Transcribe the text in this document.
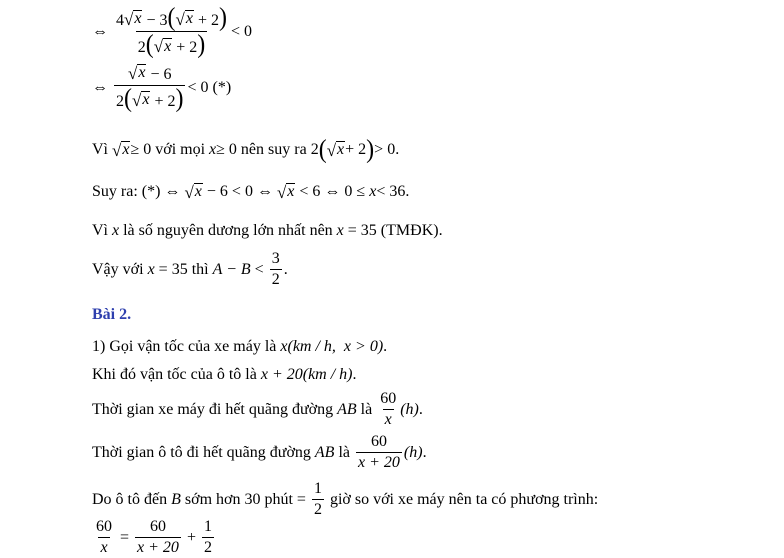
⇔ $\frac{4 √ x - 3( √ x + 2)}{2( √ x + 2)} < 0$
⇔ $\frac{√ x - 6}{2( √ x + 2)} < 0$ (*)
Vì √ x ≥ 0 với mọi x ≥ 0 nên suy ra 2 ( √ x + 2 ) > 0.
Suy ra: (*) ⇔ √ x − 6 < 0 ⇔ √ x < 6 ⇔ 0 ≤ x < 36.
Vì x là số nguyên dương lớn nhất nên x = 35 (TMĐK).
Vậy với x = 35 thì $A - B < \frac{3}{2}$ .
Bài 2.
1) Gọi vận tốc của xe máy là x (km / h,  x > 0) .
Khi đó vận tốc của ô tô là x + 20 (km / h) .
Thời gian xe máy đi hết quãng đường AB là $\frac{60}{x} (h)$ .
Thời gian ô tô đi hết quãng đường AB là $\frac{60}{x + 20} (h)$ .
Do ô tô đến B sớm hơn 30 phút = $\frac{1}{2}$ giờ so với xe máy nên ta có phương trình:
$\frac{60}{x} = \frac{60}{x + 20} + \frac{1}{2}$
